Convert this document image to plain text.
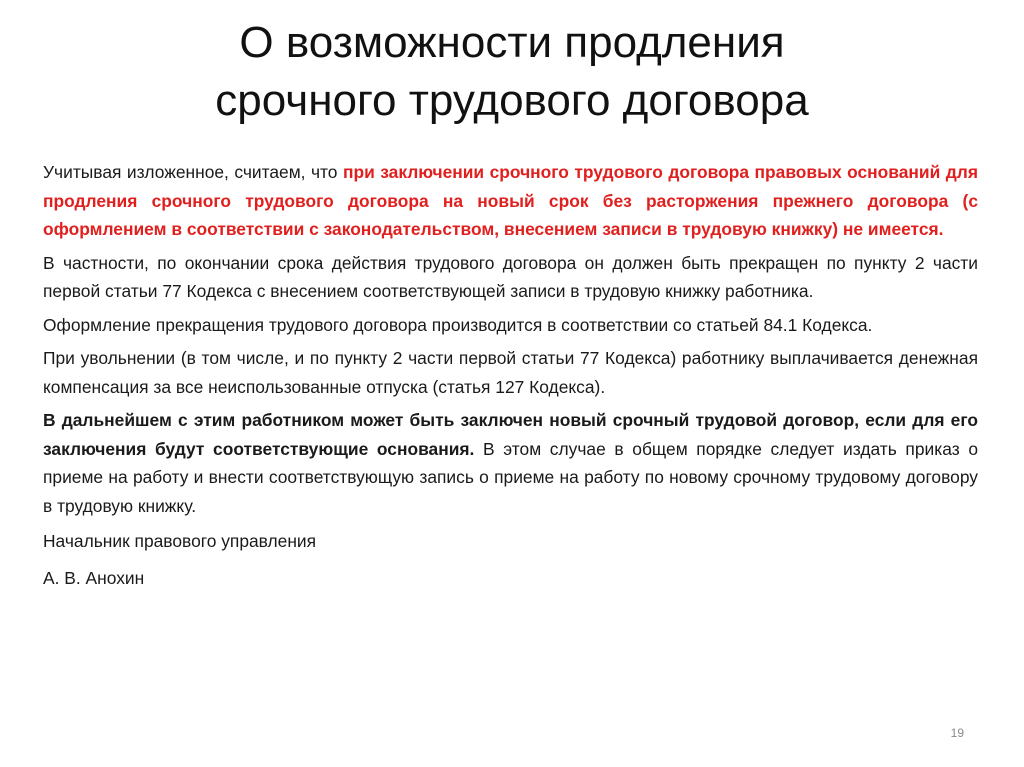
О возможности продления
срочного трудового договора

Учитывая изложенное, считаем, что при заключении срочного трудового договора правовых оснований для продления срочного трудового договора на новый срок без расторжения прежнего договора (с оформлением в соответствии с законодательством, внесением записи в трудовую книжку) не имеется.

В частности, по окончании срока действия трудового договора он должен быть прекращен по пункту 2 части первой статьи 77 Кодекса с внесением соответствующей записи в трудовую книжку работника.

Оформление прекращения трудового договора производится в соответствии со статьей 84.1 Кодекса.

При увольнении (в том числе, и по пункту 2 части первой статьи 77 Кодекса) работнику выплачивается денежная компенсация за все неиспользованные отпуска (статья 127 Кодекса).

В дальнейшем с этим работником может быть заключен новый срочный трудовой договор, если для его заключения будут соответствующие основания. В этом случае в общем порядке следует издать приказ о приеме на работу и внести соответствующую запись о приеме на работу по новому срочному трудовому договору в трудовую книжку.

Начальник правового управления

А. В. Анохин

19
